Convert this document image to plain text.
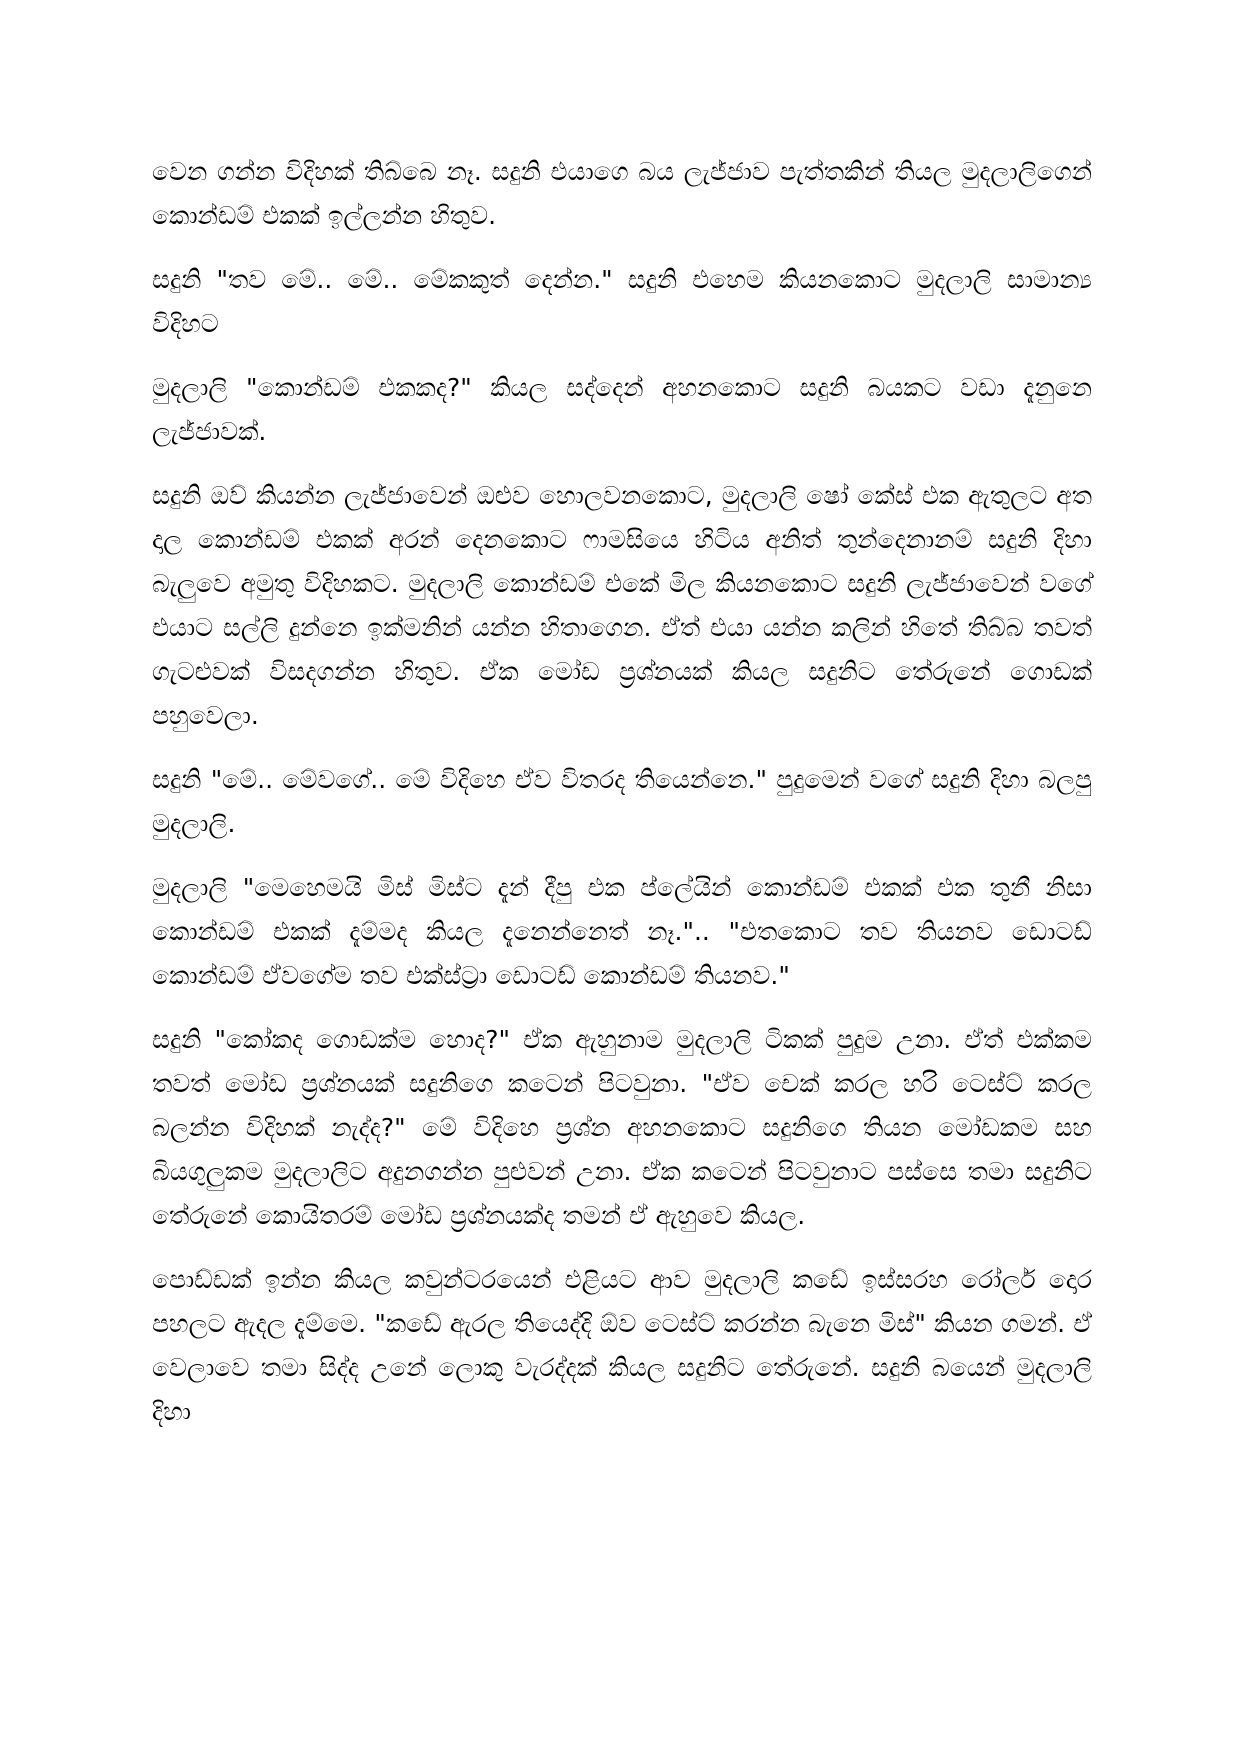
වෙන ගන්න විදිහක් තිබ්බෙ නෑ. සදුනි එයාගෙ බය ලැජ්ජාව පැත්තකින් තියල මුදලාලිගෙන් කොන්ඩම් එකක් ඉල්ලන්න හිතුව.

සදුනි "තව මේ.. මේ.. මේකකුත් දෙන්න." සදුනි එහෙම කියනකොට මුදලාලි සාමාන්‍ය විදිහට

මුදලාලි "කොන්ඩම් එකකද?" කියල සද්දෙන් අහනකොට සදුනි බයකට වඩා දැනුනෙ ලැජ්ජාවක්.

සදුනි ඔව් කියන්න ලැජ්ජාවෙන් ඔළුව හොලවනකොට, මුදලාලි ෂෝ කේස් එක ඇතුලට අත දාල කොන්ඩම් එකක් අරන් දෙනකොට ෆාමසියෙ හිටිය අනිත් තුන්දෙනානම් සදුනි දිහා බැලුවෙ අමුතු විදිහකට. මුදලාලි කොන්ඩම් එකේ මිල කියනකොට සදුනි ලැජ්ජාවෙන් වගේ එයාට සල්ලි දුන්නෙ ඉක්මනින් යන්න හිතාගෙන. ඒත් එයා යන්න කලින් හිතේ තිබ්බ තවත් ගැටළුවක් විසදගන්න හිතුව. ඒක මෝඩ ප්‍රශ්නයක් කියල සදුනිට තේරුනේ ගොඩක් පහුවෙලා.

සදුනි "මේ.. මේවගේ.. මේ විදිහෙ ඒව විතරද තියෙන්නෙ." පුදුමෙන් වගේ සදුනි දිහා බලපු මුදලාලි.

මුදලාලි "මෙහෙමයි මිස් මිස්ට දැන් දීපු එක ප්ලේයින් කොන්ඩම් එකක් එක තුනී නිසා කොන්ඩම් එකක් දැම්මද කියල දැනෙන්නෙත් නෑ.".. "එතකොට තව තියනව ඩොටඩ් කොන්ඩම් ඒවගේම තව එක්ස්ට්‍රා ඩොටඩ් කොන්ඩම් තියනව."

සදුනි "කෝකද ගොඩක්ම හොද?" ඒක ඇහුනාම මුදලාලි ටිකක් පුදුම උනා. ඒත් එක්කම තවත් මෝඩ ප්‍රශ්නයක් සදුනිගෙ කටෙන් පිටවුනා. "ඒව චෙක් කරල හරි ටෙස්ට් කරල බලන්න විදිහක් නැද්ද?" මේ විදිහෙ ප්‍රශ්න අහනකොට සදුනිගෙ තියන මෝඩකම සහ බියගුලුකම මුදලාලිට අදුනගන්න පුළුවන් උනා. ඒක කටෙන් පිටවුනාට පස්සෙ තමා සදුනිට තේරුනේ කොයිතරම් මෝඩ ප්‍රශ්නයක්ද තමන් ඒ ඇහුවෙ කියල.

පොඩ්ඩක් ඉන්න කියල කවුන්ටරයෙන් එළියට ආව මුදලාලි කඩේ ඉස්සරහ රෝලර් දොර පහලට ඇදල දැම්මෙ. "කඩේ ඇරල තියෙද්දි ඕව ටෙස්ට් කරන්න බැනෙ මිස්" කියන ගමන්. ඒ වෙලාවෙ තමා සිද්ද උනේ ලොකු වැරද්දක් කියල සදුනිට තේරුනේ. සදුනි බයෙන් මුදලාලි දිහා
